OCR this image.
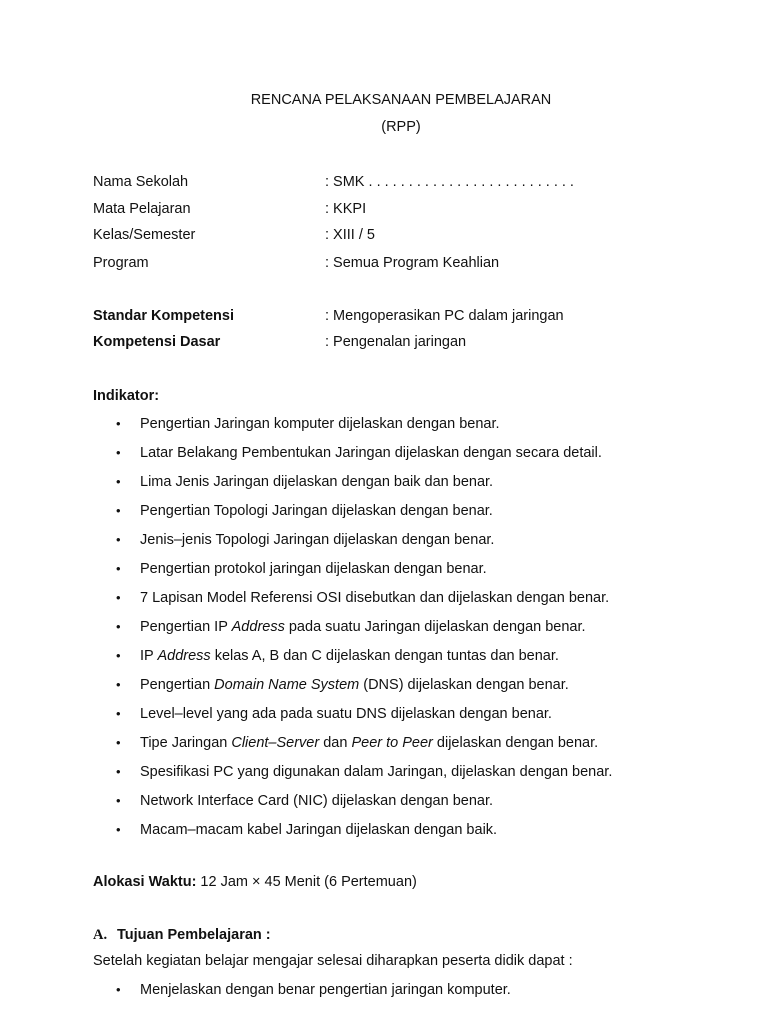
RENCANA PELAKSANAAN PEMBELAJARAN
(RPP)
Nama Sekolah	: SMK . . . . . . . . . . . . . . . . . . . . . . . . . .
Mata Pelajaran	: KKPI
Kelas/Semester	: XIII / 5
Program	: Semua Program Keahlian
Standar Kompetensi	: Mengoperasikan PC dalam jaringan
Kompetensi Dasar	: Pengenalan jaringan
Indikator:
• Pengertian Jaringan komputer dijelaskan dengan benar.
• Latar Belakang Pembentukan Jaringan dijelaskan dengan secara detail.
• Lima Jenis Jaringan dijelaskan dengan baik dan benar.
• Pengertian Topologi Jaringan dijelaskan dengan benar.
• Jenis–jenis Topologi Jaringan dijelaskan dengan benar.
• Pengertian protokol jaringan dijelaskan dengan benar.
• 7 Lapisan Model Referensi OSI disebutkan dan dijelaskan dengan benar.
• Pengertian IP Address pada suatu Jaringan dijelaskan dengan benar.
• IP Address kelas A, B dan C dijelaskan dengan tuntas dan benar.
• Pengertian Domain Name System (DNS) dijelaskan dengan benar.
• Level–level yang ada pada suatu DNS dijelaskan dengan benar.
• Tipe Jaringan Client–Server dan Peer to Peer dijelaskan dengan benar.
• Spesifikasi PC yang digunakan dalam Jaringan, dijelaskan dengan benar.
• Network Interface Card (NIC) dijelaskan dengan benar.
• Macam–macam kabel Jaringan dijelaskan dengan baik.
Alokasi Waktu: 12 Jam × 45 Menit (6 Pertemuan)
A. Tujuan Pembelajaran :
Setelah kegiatan belajar mengajar selesai diharapkan peserta didik dapat :
• Menjelaskan dengan benar pengertian jaringan komputer.
